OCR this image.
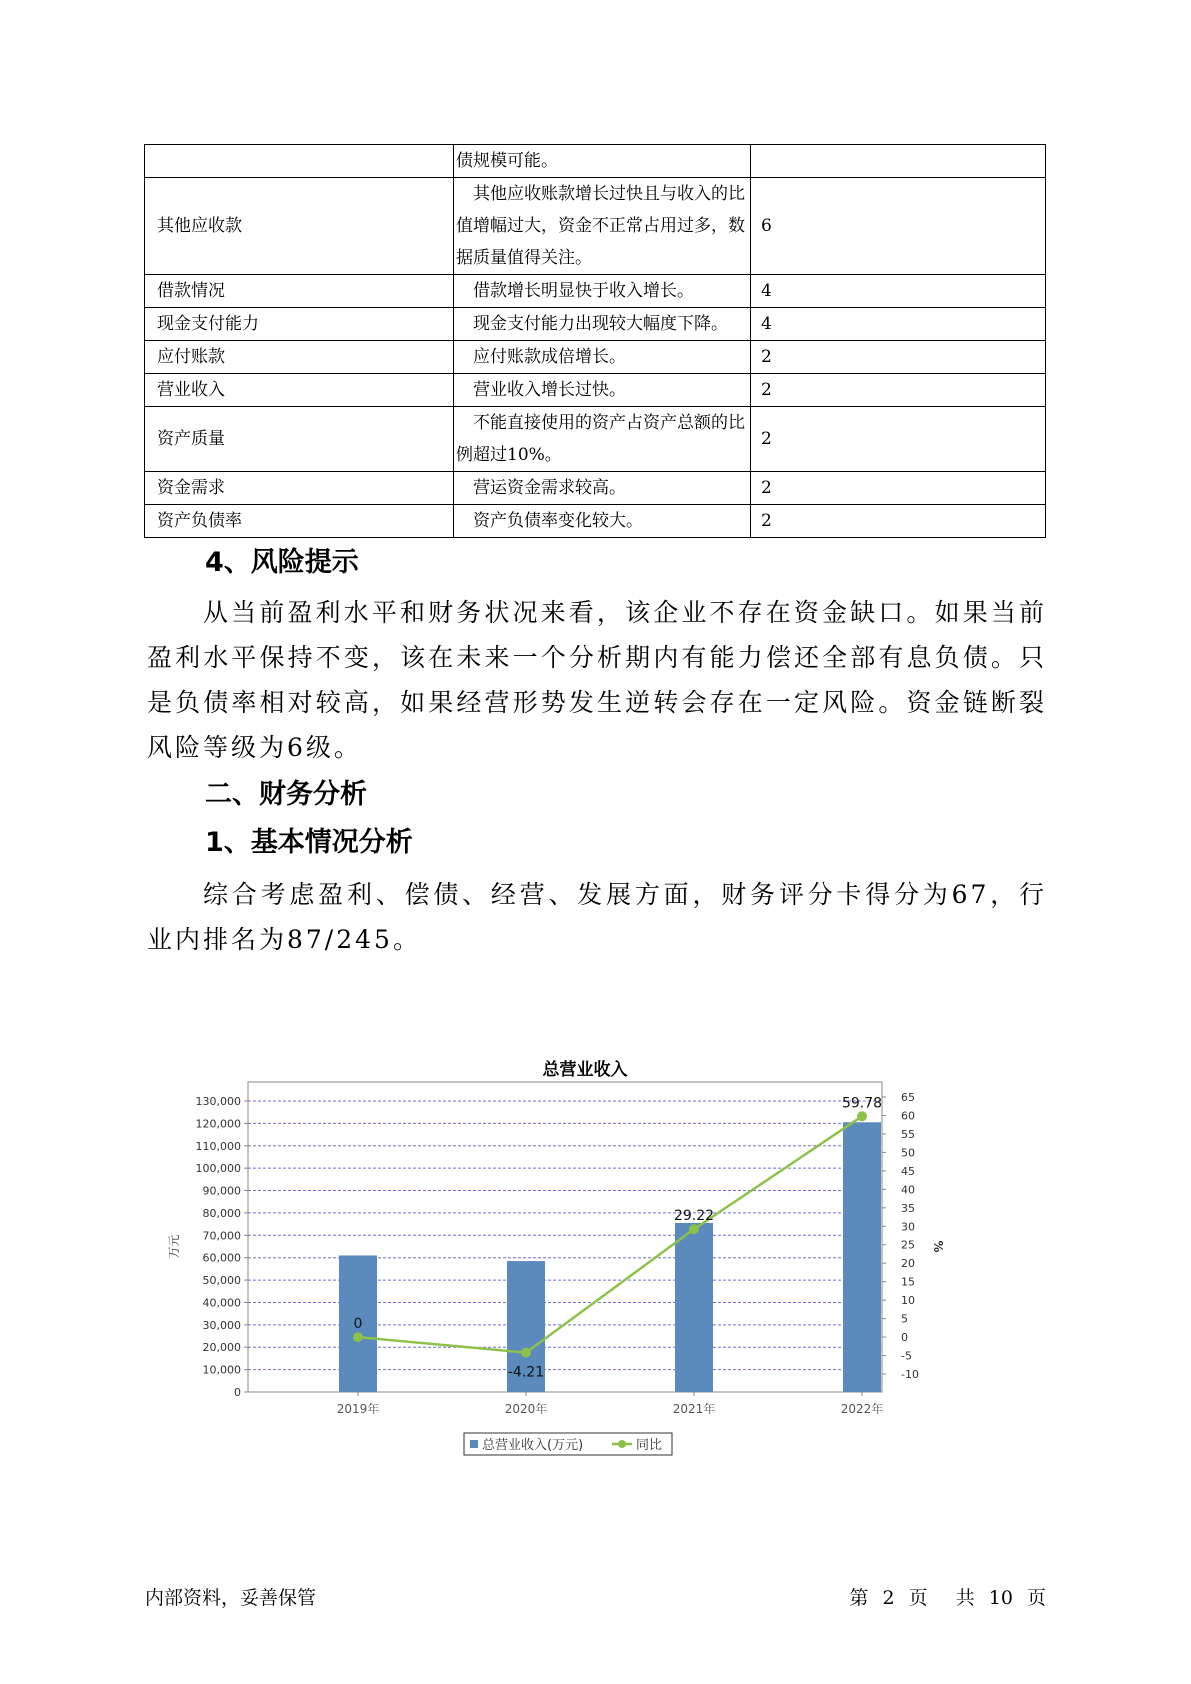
	债规模可能。	
其他应收款	其他应收账款增长过快且与收入的比值增幅过大，资金不正常占用过多，数据质量值得关注。	6
借款情况	借款增长明显快于收入增长。	4
现金支付能力	现金支付能力出现较大幅度下降。	4
应付账款	应付账款成倍增长。	2
营业收入	营业收入增长过快。	2
资产质量	不能直接使用的资产占资产总额的比例超过10%。	2
资金需求	营运资金需求较高。	2
资产负债率	资产负债率变化较大。	2
4、风险提示

从当前盈利水平和财务状况来看，该企业不存在资金缺口。如果当前盈利水平保持不变，该在未来一个分析期内有能力偿还全部有息负债。只是负债率相对较高，如果经营形势发生逆转会存在一定风险。资金链断裂风险等级为6级。

二、财务分析
1、基本情况分析

综合考虑盈利、偿债、经营、发展方面，财务评分卡得分为67，行业内排名为87/245。

总营业收入
0
10,000
20,000
30,000
40,000
50,000
60,000
70,000
80,000
90,000
100,000
110,000
120,000
130,000
-10
-5
0
5
10
15
20
25
30
35
40
45
50
55
60
65
万元	%
2019年	2020年	2021年	2022年
0
-4.21
29.22
59.78
总营业收入(万元)	同比
内部资料，妥善保管	第 2 页 共 10 页
